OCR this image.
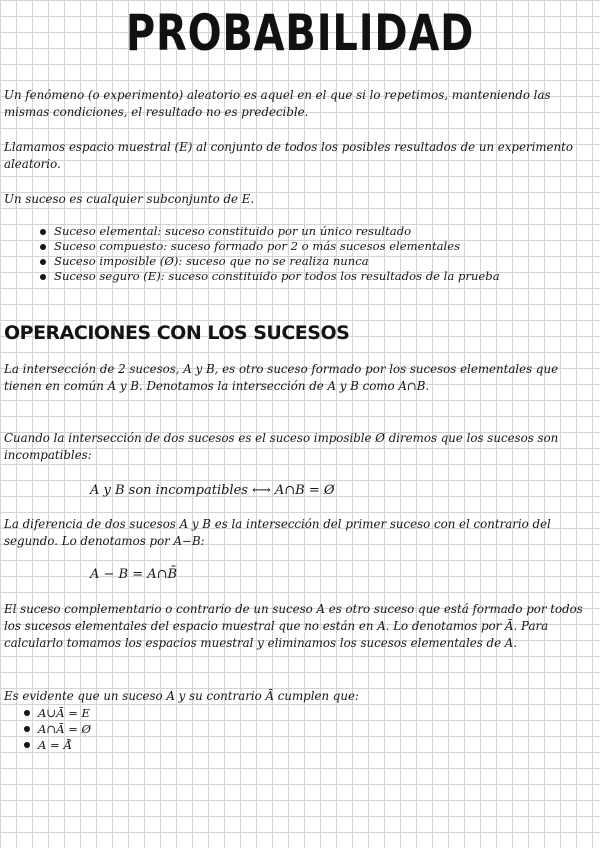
PROBABILIDAD
Un fenómeno (o experimento) aleatorio es aquel en el que si lo repetimos, manteniendo las mismas condiciones, el resultado no es predecible.
Llamamos espacio muestral (E) al conjunto de todos los posibles resultados de un experimento aleatorio.
Un suceso es cualquier subconjunto de E.
Suceso elemental: suceso constituido por un único resultado
Suceso compuesto: suceso formado por 2 o más sucesos elementales
Suceso imposible (Ø): suceso que no se realiza nunca
Suceso seguro (E): suceso constituido por todos los resultados de la prueba
OPERACIONES CON LOS SUCESOS
La intersección de 2 sucesos, A y B, es otro suceso formado por los sucesos elementales que tienen en común A y B. Denotamos la intersección de A y B como A∩B.
Cuando la intersección de dos sucesos es el suceso imposible Ø diremos que los sucesos son incompatibles:
A y B son incompatibles ⟷ A∩B = Ø
La diferencia de dos sucesos A y B es la intersección del primer suceso con el contrario del segundo. Lo denotamos por A−B:
A − B = A∩B̄
El suceso complementario o contrario de un suceso A es otro suceso que está formado por todos los sucesos elementales del espacio muestral que no están en A. Lo denotamos por Ā. Para calcularlo tomamos los espacios muestral y eliminamos los sucesos elementales de A.
Es evidente que un suceso A y su contrario Ā cumplen que:
A∪Ā = E
A∩Ā = Ø
A = Ā̄
